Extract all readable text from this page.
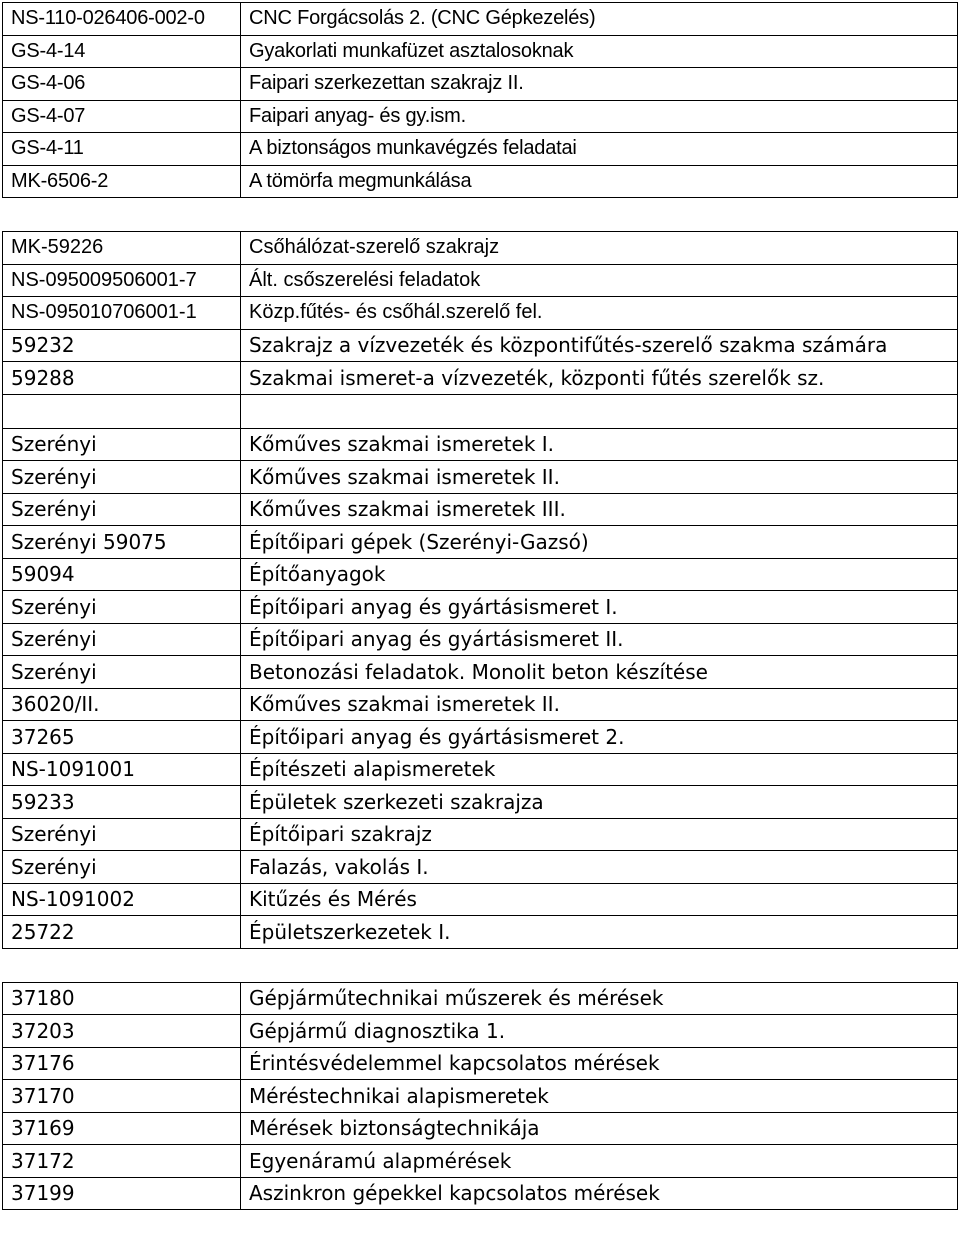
NS-110-026406-002-0	CNC Forgácsolás 2. (CNC Gépkezelés)
GS-4-14	Gyakorlati munkafüzet asztalosoknak
GS-4-06	Faipari szerkezettan szakrajz II.
GS-4-07	Faipari anyag- és gy.ism.
GS-4-11	A biztonságos munkavégzés feladatai
MK-6506-2	A tömörfa megmunkálása

MK-59226	Csőhálózat-szerelő szakrajz
NS-095009506001-7	Ált. csőszerelési feladatok
NS-095010706001-1	Közp.fűtés- és csőhál.szerelő fel.
59232	Szakrajz a vízvezeték és központifűtés-szerelő szakma számára
59288	Szakmai ismeret-a vízvezeték, központi fűtés szerelők sz.

Szerényi	Kőműves szakmai ismeretek I.
Szerényi	Kőműves szakmai ismeretek II.
Szerényi	Kőműves szakmai ismeretek III.
Szerényi 59075	Építőipari gépek (Szerényi-Gazsó)
59094	Építőanyagok
Szerényi	Építőipari anyag és gyártásismeret I.
Szerényi	Építőipari anyag és gyártásismeret II.
Szerényi	Betonozási feladatok. Monolit beton készítése
36020/II.	Kőműves szakmai ismeretek II.
37265	Építőipari anyag és gyártásismeret 2.
NS-1091001	Építészeti alapismeretek
59233	Épületek szerkezeti szakrajza
Szerényi	Építőipari szakrajz
Szerényi	Falazás, vakolás I.
NS-1091002	Kitűzés és Mérés
25722	Épületszerkezetek I.

37180	Gépjárműtechnikai műszerek és mérések
37203	Gépjármű diagnosztika 1.
37176	Érintésvédelemmel kapcsolatos mérések
37170	Méréstechnikai alapismeretek
37169	Mérések biztonságtechnikája
37172	Egyenáramú alapmérések
37199	Aszinkron gépekkel kapcsolatos mérések
